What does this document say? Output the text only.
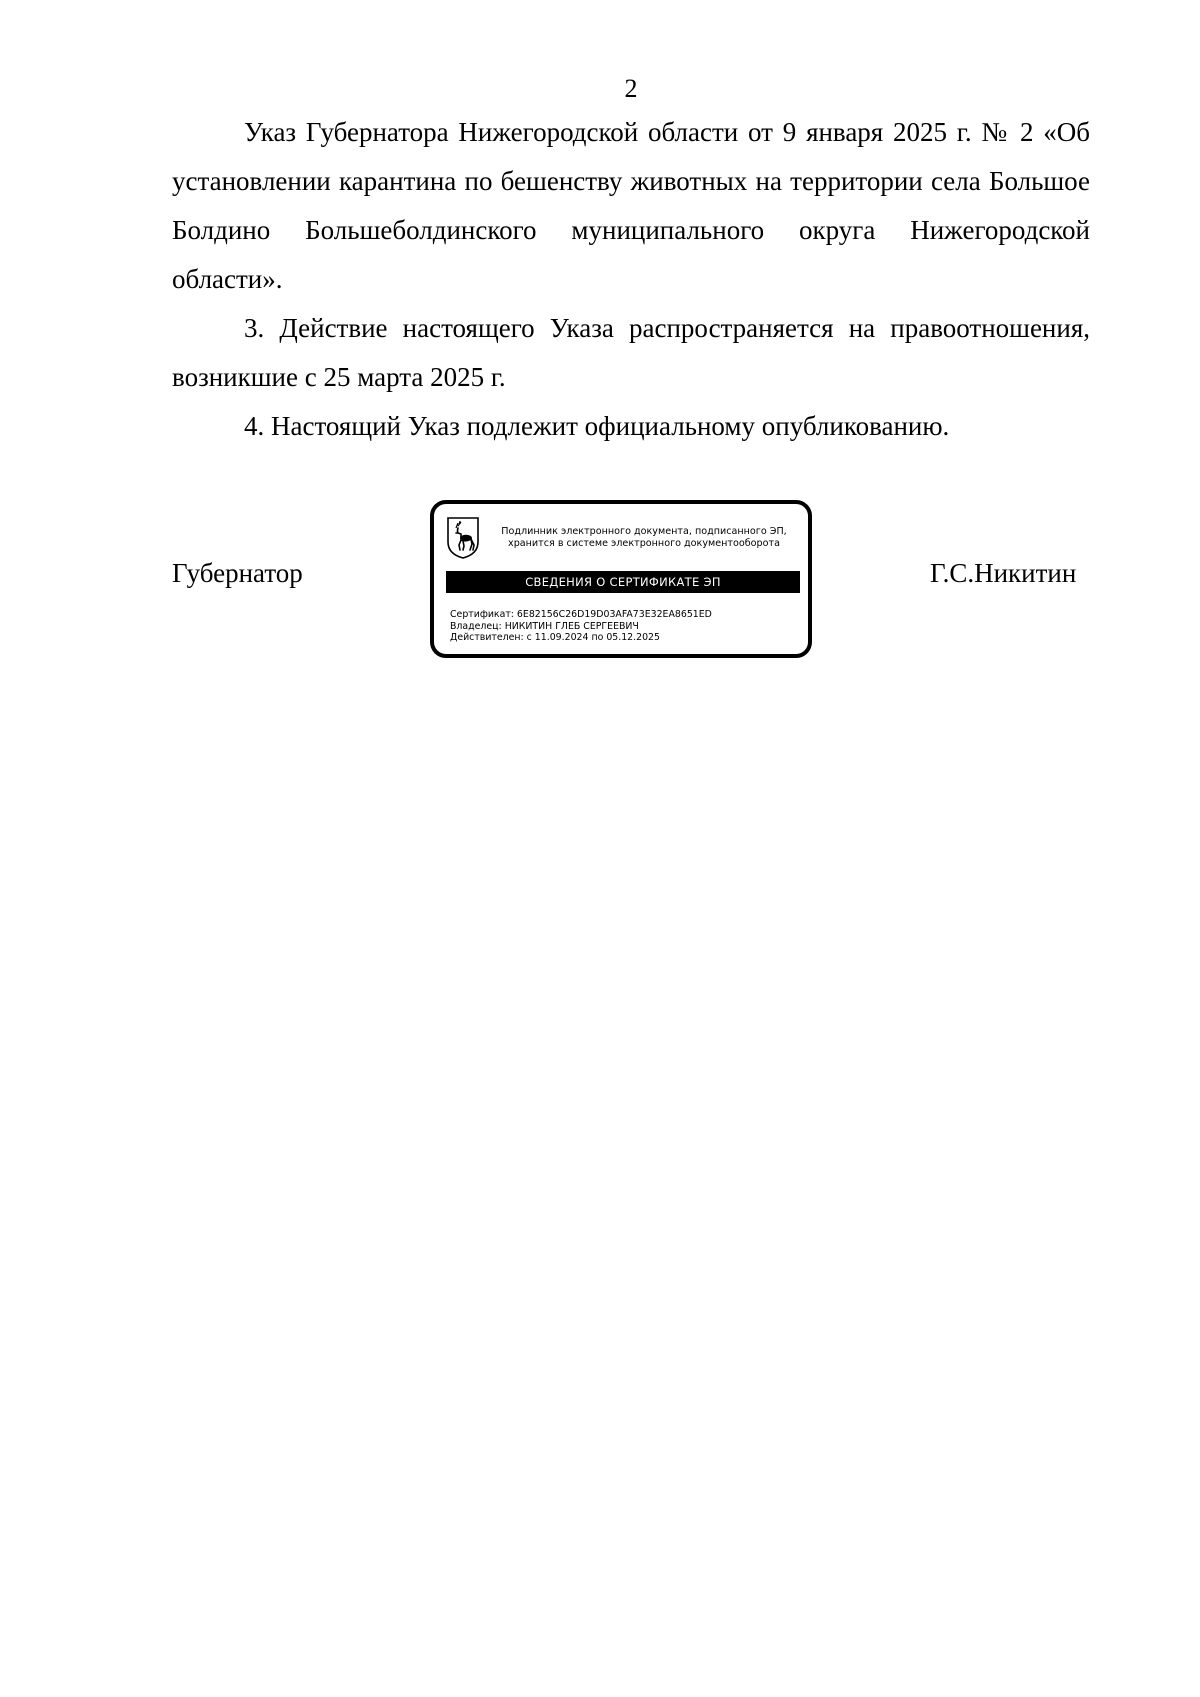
2

Указ Губернатора Нижегородской области от 9 января 2025 г. № 2 «Об установлении карантина по бешенству животных на территории села Большое Болдино Большеболдинского муниципального округа Нижегородской области».

3. Действие настоящего Указа распространяется на правоотношения, возникшие с 25 марта 2025 г.

4. Настоящий Указ подлежит официальному опубликованию.

Губернатор	Г.С.Никитин
Подлинник электронного документа, подписанного ЭП,
хранится в системе электронного документооборота
СВЕДЕНИЯ О СЕРТИФИКАТЕ ЭП
Сертификат: 6E82156C26D19D03AFA73E32EA8651ED
Владелец: НИКИТИН ГЛЕБ СЕРГЕЕВИЧ
Действителен: с 11.09.2024 по 05.12.2025
